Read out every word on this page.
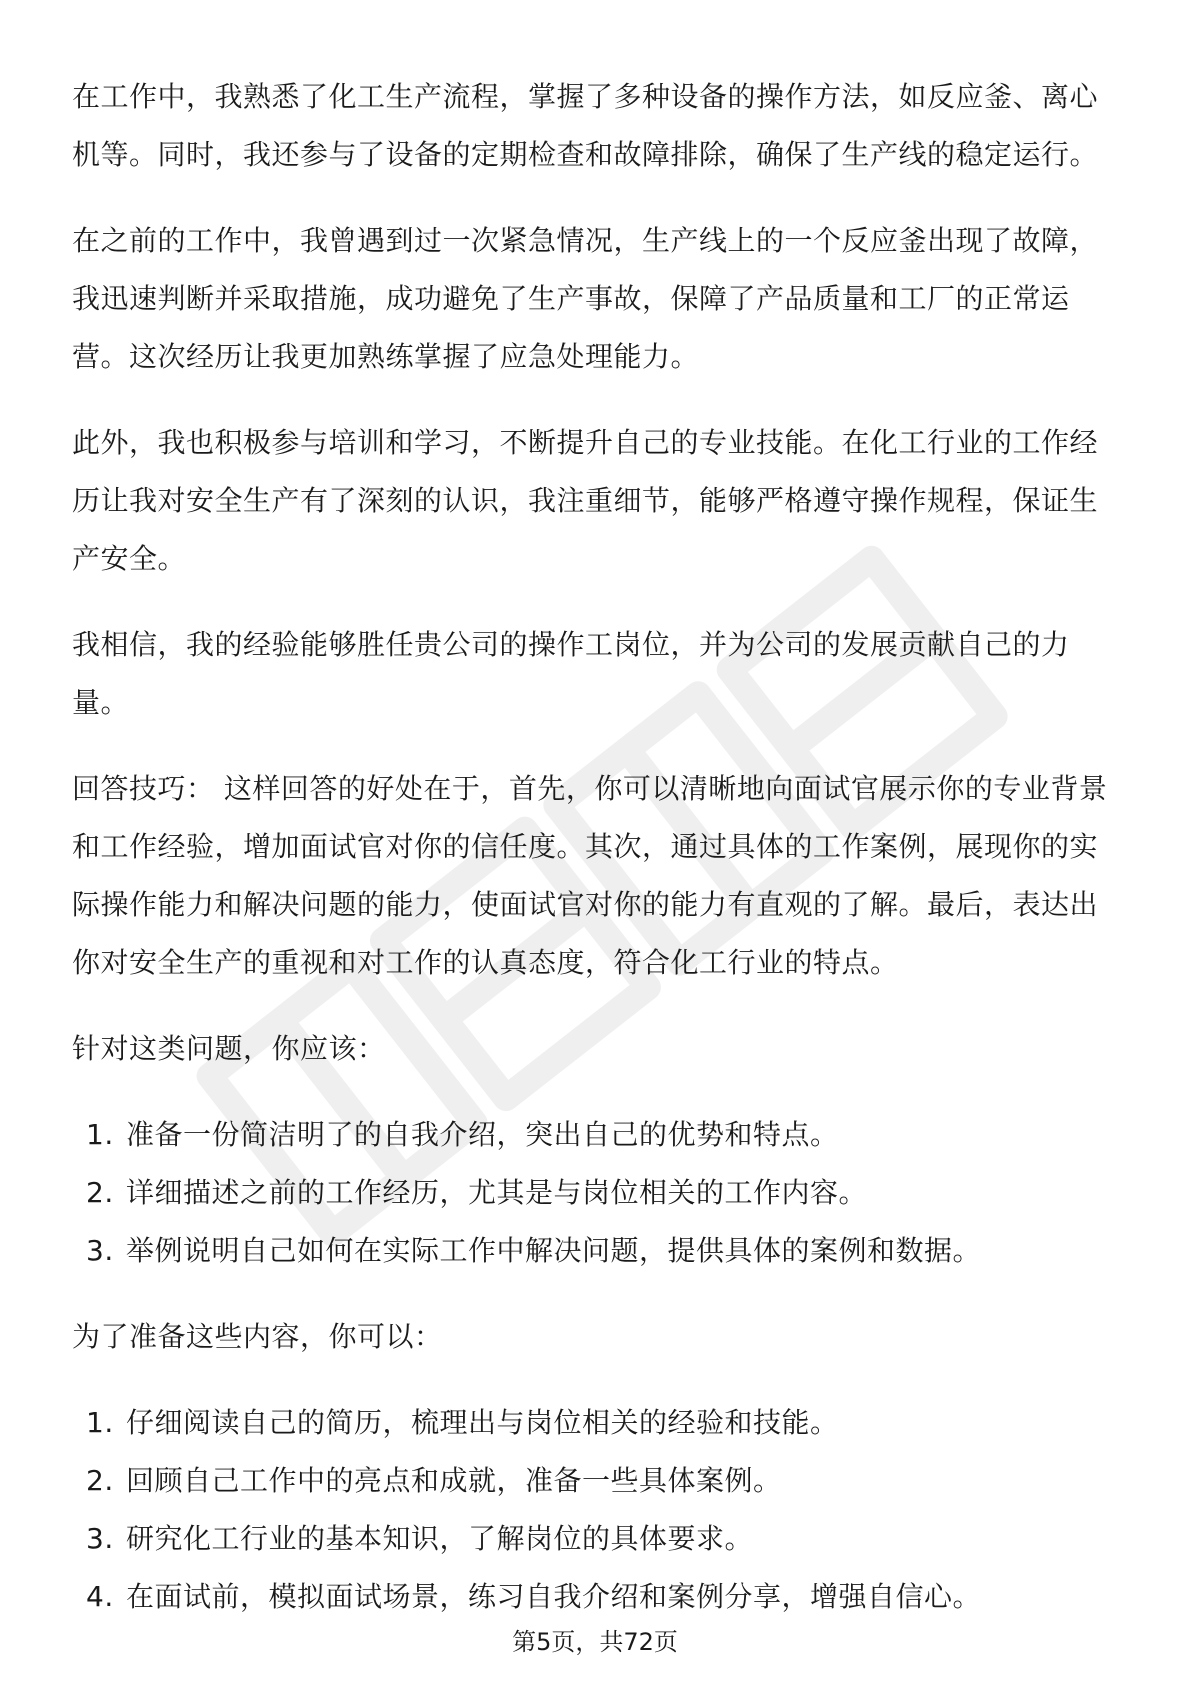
在工作中，我熟悉了化工生产流程，掌握了多种设备的操作方法，如反应釜、离心机等。同时，我还参与了设备的定期检查和故障排除，确保了生产线的稳定运行。

在之前的工作中，我曾遇到过一次紧急情况，生产线上的一个反应釜出现了故障，我迅速判断并采取措施，成功避免了生产事故，保障了产品质量和工厂的正常运营。这次经历让我更加熟练掌握了应急处理能力。

此外，我也积极参与培训和学习，不断提升自己的专业技能。在化工行业的工作经历让我对安全生产有了深刻的认识，我注重细节，能够严格遵守操作规程，保证生产安全。

我相信，我的经验能够胜任贵公司的操作工岗位，并为公司的发展贡献自己的力量。

回答技巧： 这样回答的好处在于，首先，你可以清晰地向面试官展示你的专业背景和工作经验，增加面试官对你的信任度。其次，通过具体的工作案例，展现你的实际操作能力和解决问题的能力，使面试官对你的能力有直观的了解。最后，表达出你对安全生产的重视和对工作的认真态度，符合化工行业的特点。

针对这类问题，你应该：

1. 准备一份简洁明了的自我介绍，突出自己的优势和特点。
2. 详细描述之前的工作经历，尤其是与岗位相关的工作内容。
3. 举例说明自己如何在实际工作中解决问题，提供具体的案例和数据。

为了准备这些内容，你可以：

1. 仔细阅读自己的简历，梳理出与岗位相关的经验和技能。
2. 回顾自己工作中的亮点和成就，准备一些具体案例。
3. 研究化工行业的基本知识，了解岗位的具体要求。
4. 在面试前，模拟面试场景，练习自我介绍和案例分享，增强自信心。
第5页，共72页
